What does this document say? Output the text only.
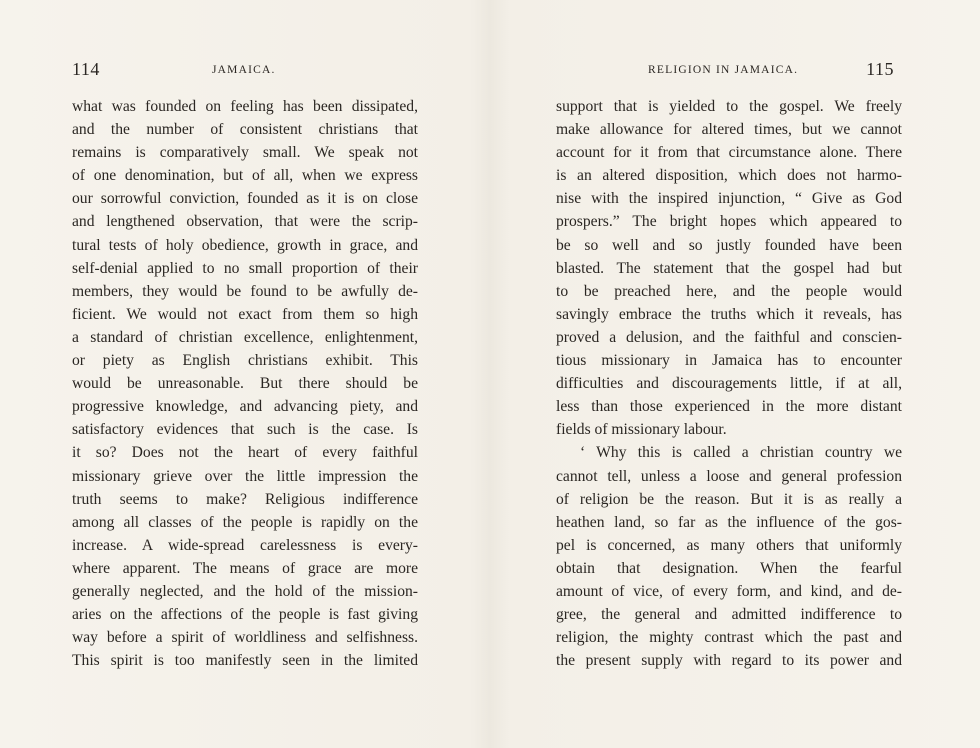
114	JAMAICA.
what was founded on feeling has been dissipated,
and the number of consistent christians that
remains is comparatively small. We speak not
of one denomination, but of all, when we express
our sorrowful conviction, founded as it is on close
and lengthened observation, that were the scrip-
tural tests of holy obedience, growth in grace, and
self-denial applied to no small proportion of their
members, they would be found to be awfully de-
ficient. We would not exact from them so high
a standard of christian excellence, enlightenment,
or piety as English christians exhibit. This
would be unreasonable. But there should be
progressive knowledge, and advancing piety, and
satisfactory evidences that such is the case. Is
it so? Does not the heart of every faithful
missionary grieve over the little impression the
truth seems to make? Religious indifference
among all classes of the people is rapidly on the
increase. A wide-spread carelessness is every-
where apparent. The means of grace are more
generally neglected, and the hold of the mission-
aries on the affections of the people is fast giving
way before a spirit of worldliness and selfishness.
This spirit is too manifestly seen in the limited
RELIGION IN JAMAICA.	115
support that is yielded to the gospel. We freely
make allowance for altered times, but we cannot
account for it from that circumstance alone. There
is an altered disposition, which does not harmo-
nise with the inspired injunction, “ Give as God
prospers.” The bright hopes which appeared to
be so well and so justly founded have been
blasted. The statement that the gospel had but
to be preached here, and the people would
savingly embrace the truths which it reveals, has
proved a delusion, and the faithful and conscien-
tious missionary in Jamaica has to encounter
difficulties and discouragements little, if at all,
less than those experienced in the more distant
fields of missionary labour.
‘ Why this is called a christian country we
cannot tell, unless a loose and general profession
of religion be the reason. But it is as really a
heathen land, so far as the influence of the gos-
pel is concerned, as many others that uniformly
obtain that designation. When the fearful
amount of vice, of every form, and kind, and de-
gree, the general and admitted indifference to
religion, the mighty contrast which the past and
the present supply with regard to its power and
